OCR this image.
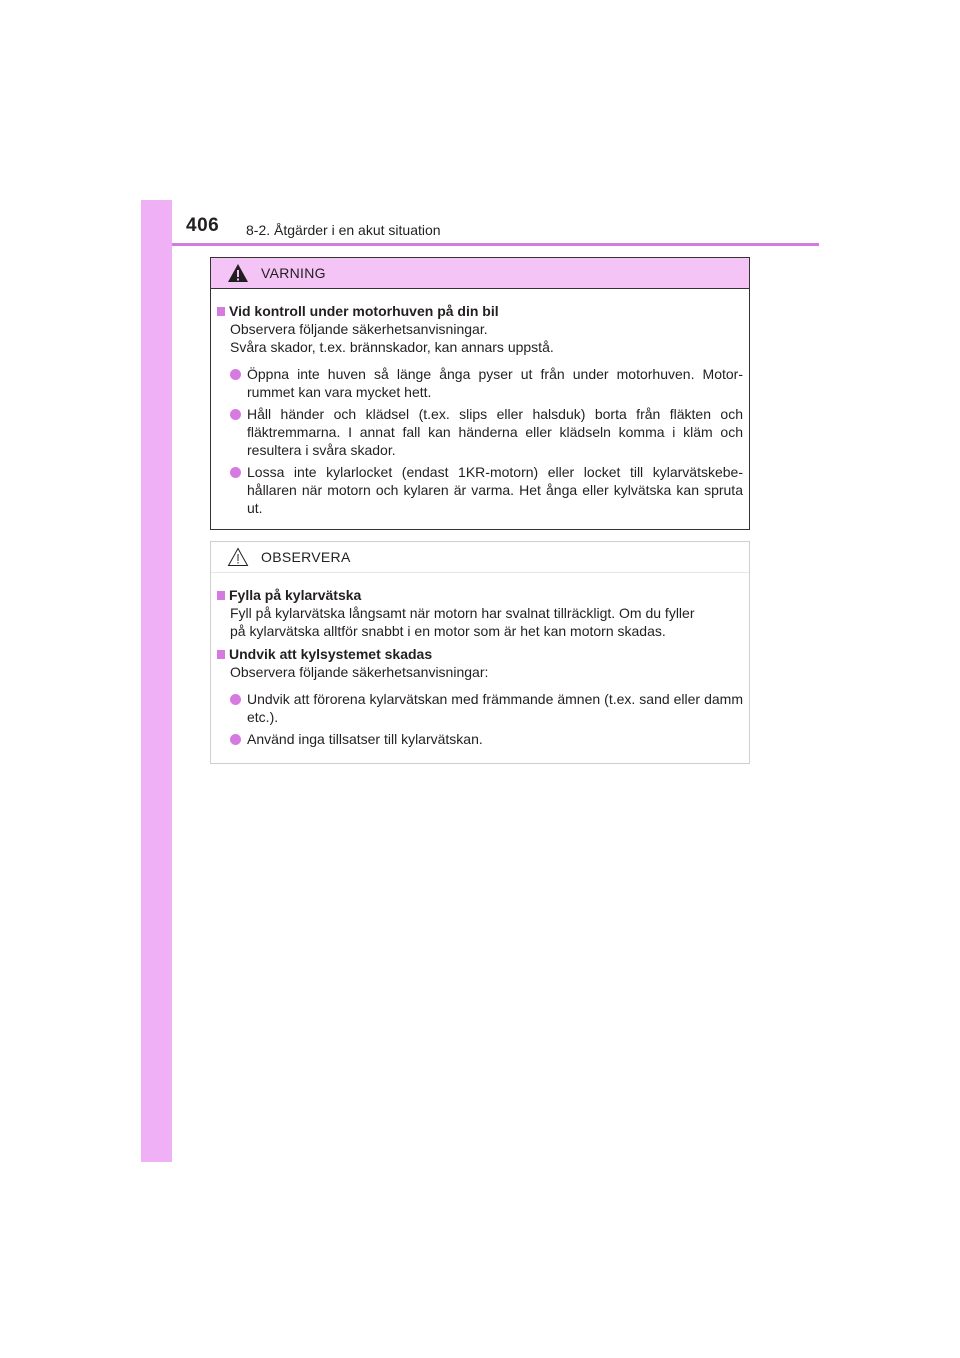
406 8-2. Åtgärder i en akut situation
VARNING
Vid kontroll under motorhuven på din bil
Observera följande säkerhetsanvisningar.
Svåra skador, t.ex. brännskador, kan annars uppstå.
Öppna inte huven så länge ånga pyser ut från under motorhuven. Motor-rummet kan vara mycket hett.
Håll händer och klädsel (t.ex. slips eller halsduk) borta från fläkten och fläktremmarna. I annat fall kan händerna eller klädseln komma i kläm och resultera i svåra skador.
Lossa inte kylarlocket (endast 1KR-motorn) eller locket till kylarvätskebe-hållaren när motorn och kylaren är varma. Het ånga eller kylvätska kan spruta ut.
OBSERVERA
Fylla på kylarvätska
Fyll på kylarvätska långsamt när motorn har svalnat tillräckligt. Om du fyller
på kylarvätska alltför snabbt i en motor som är het kan motorn skadas.
Undvik att kylsystemet skadas
Observera följande säkerhetsanvisningar:
Undvik att förorena kylarvätskan med främmande ämnen (t.ex. sand eller damm etc.).
Använd inga tillsatser till kylarvätskan.
